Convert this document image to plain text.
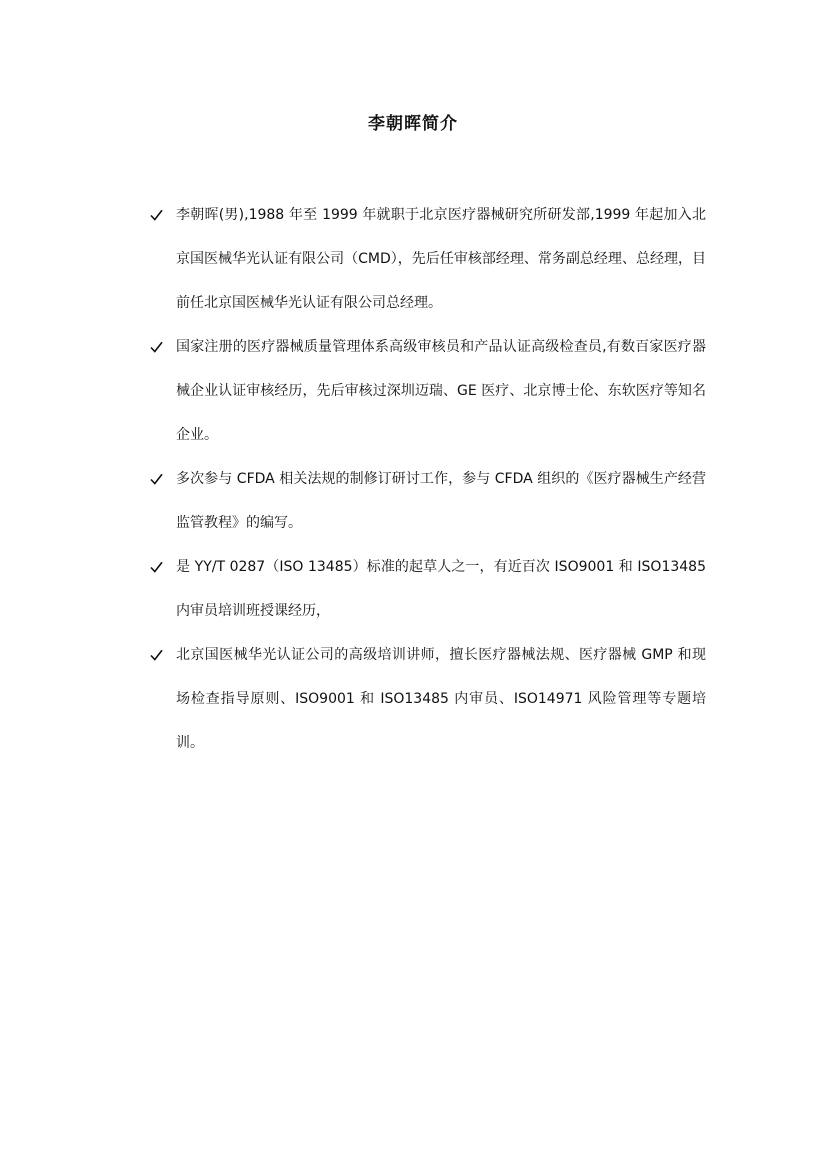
李朝晖简介
李朝晖(男),1988 年至 1999 年就职于北京医疗器械研究所研发部,1999 年起加入北京国医械华光认证有限公司（CMD），先后任审核部经理、常务副总经理、总经理，目前任北京国医械华光认证有限公司总经理。
国家注册的医疗器械质量管理体系高级审核员和产品认证高级检查员,有数百家医疗器械企业认证审核经历，先后审核过深圳迈瑞、GE 医疗、北京博士伦、东软医疗等知名企业。
多次参与 CFDA 相关法规的制修订研讨工作，参与 CFDA 组织的《医疗器械生产经营监管教程》的编写。
是 YY/T 0287（ISO 13485）标准的起草人之一，有近百次 ISO9001 和 ISO13485 内审员培训班授课经历，
北京国医械华光认证公司的高级培训讲师，擅长医疗器械法规、医疗器械 GMP 和现场检查指导原则、ISO9001 和 ISO13485 内审员、ISO14971 风险管理等专题培训。
